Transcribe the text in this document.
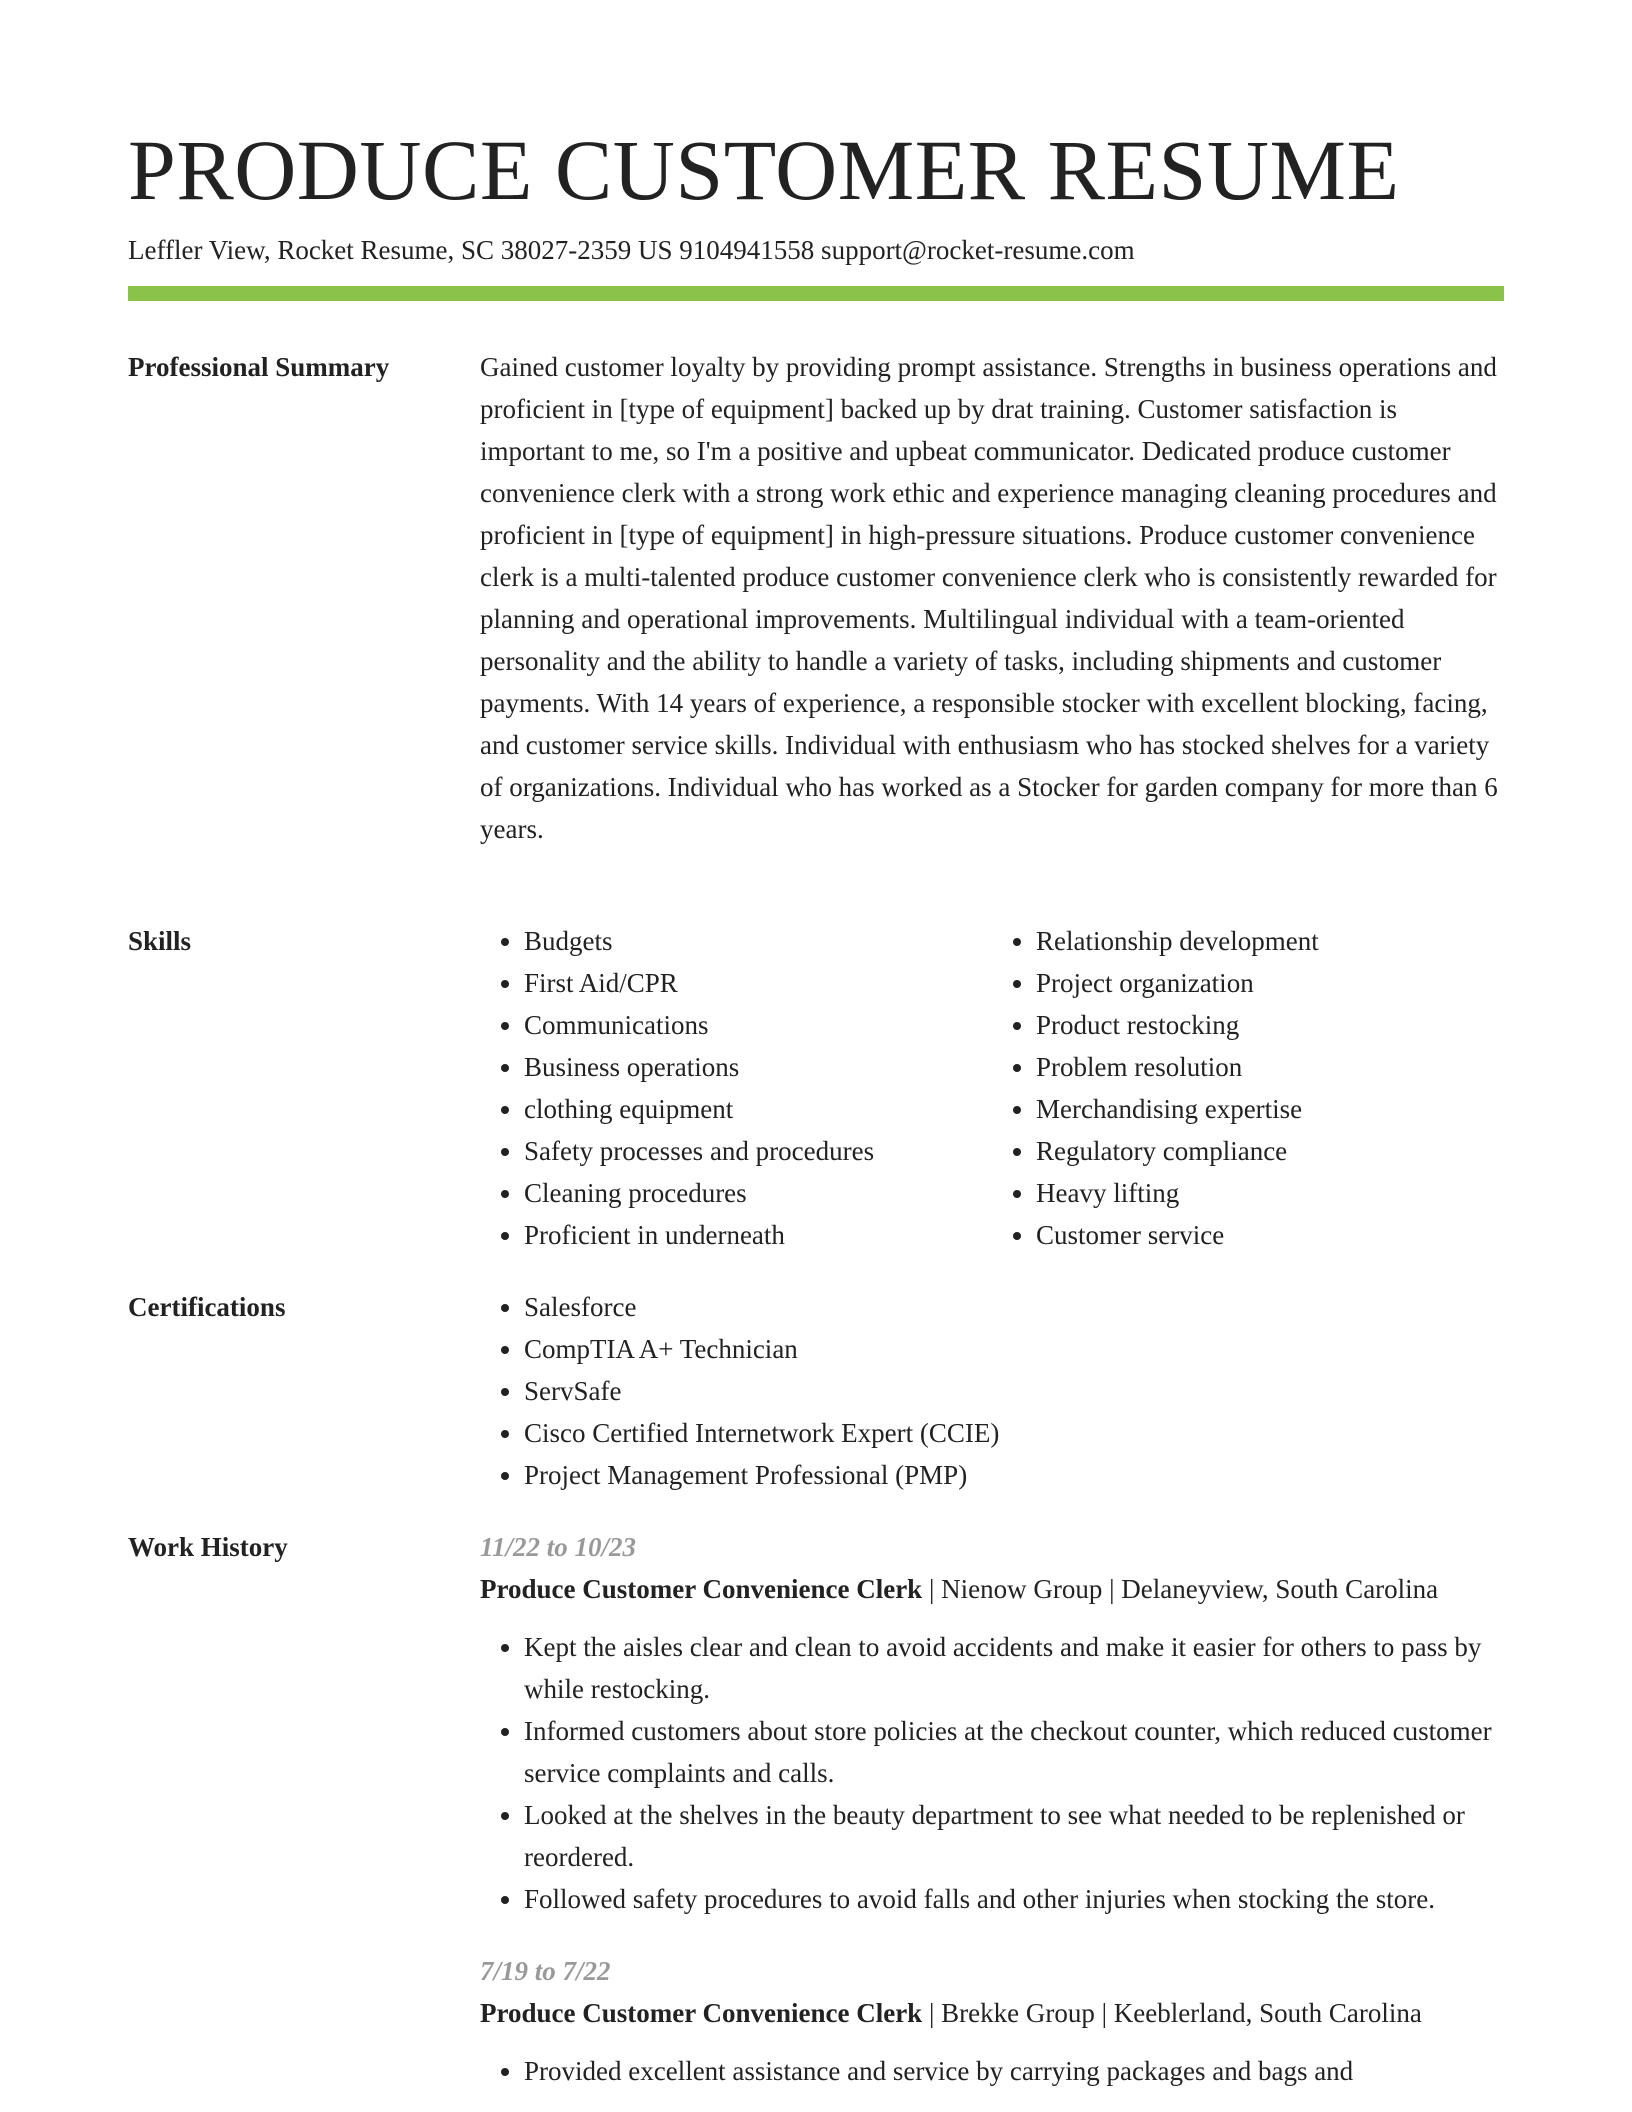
PRODUCE CUSTOMER RESUME
Leffler View, Rocket Resume, SC 38027-2359 US 9104941558 support@rocket-resume.com
Professional Summary	Gained customer loyalty by providing prompt assistance. Strengths in business operations and proficient in [type of equipment] backed up by drat training. Customer satisfaction is important to me, so I'm a positive and upbeat communicator. Dedicated produce customer convenience clerk with a strong work ethic and experience managing cleaning procedures and proficient in [type of equipment] in high-pressure situations. Produce customer convenience clerk is a multi-talented produce customer convenience clerk who is consistently rewarded for planning and operational improvements. Multilingual individual with a team-oriented personality and the ability to handle a variety of tasks, including shipments and customer payments. With 14 years of experience, a responsible stocker with excellent blocking, facing, and customer service skills. Individual with enthusiasm who has stocked shelves for a variety of organizations. Individual who has worked as a Stocker for garden company for more than 6 years.

Skills	• Budgets
• First Aid/CPR
• Communications
• Business operations
• clothing equipment
• Safety processes and procedures
• Cleaning procedures
• Proficient in underneath
• Relationship development
• Project organization
• Product restocking
• Problem resolution
• Merchandising expertise
• Regulatory compliance
• Heavy lifting
• Customer service
Certifications	• Salesforce
• CompTIA A+ Technician
• ServSafe
• Cisco Certified Internetwork Expert (CCIE)
• Project Management Professional (PMP)
Work History	11/22 to 10/23
Produce Customer Convenience Clerk | Nienow Group | Delaneyview, South Carolina
• Kept the aisles clear and clean to avoid accidents and make it easier for others to pass by while restocking.
• Informed customers about store policies at the checkout counter, which reduced customer service complaints and calls.
• Looked at the shelves in the beauty department to see what needed to be replenished or reordered.
• Followed safety procedures to avoid falls and other injuries when stocking the store.
7/19 to 7/22
Produce Customer Convenience Clerk | Brekke Group | Keeblerland, South Carolina
• Provided excellent assistance and service by carrying packages and bags and
